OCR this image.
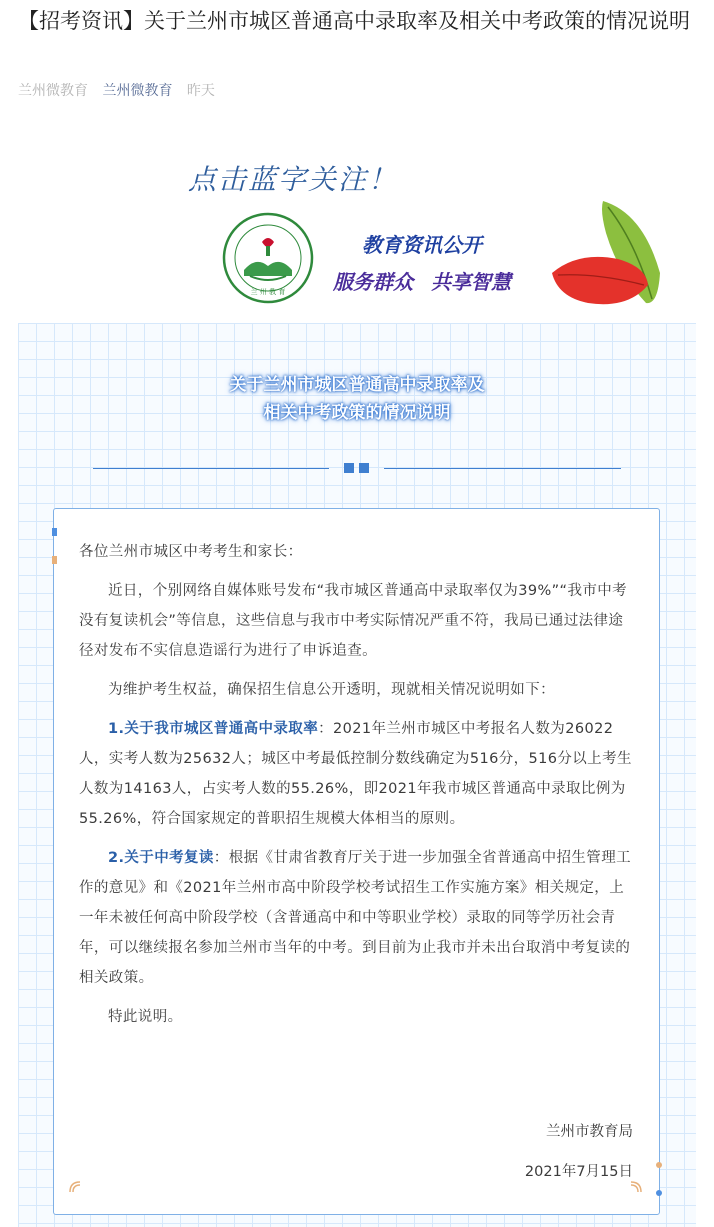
【招考资讯】关于兰州市城区普通高中录取率及相关中考政策的情况说明
兰州微教育 兰州微教育 昨天
点击蓝字关注！
兰 州 教 育
教育资讯公开
服务群众 共享智慧
关于兰州市城区普通高中录取率及
相关中考政策的情况说明

各位兰州市城区中考考生和家长：

近日，个别网络自媒体账号发布“我市城区普通高中录取率仅为39%”“我市中考没有复读机会”等信息，这些信息与我市中考实际情况严重不符，我局已通过法律途径对发布不实信息造谣行为进行了申诉追查。

为维护考生权益，确保招生信息公开透明，现就相关情况说明如下：

1.关于我市城区普通高中录取率：2021年兰州市城区中考报名人数为26022人，实考人数为25632人；城区中考最低控制分数线确定为516分，516分以上考生人数为14163人，占实考人数的55.26%，即2021年我市城区普通高中录取比例为55.26%，符合国家规定的普职招生规模大体相当的原则。

2.关于中考复读：根据《甘肃省教育厅关于进一步加强全省普通高中招生管理工作的意见》和《2021年兰州市高中阶段学校考试招生工作实施方案》相关规定，上一年未被任何高中阶段学校（含普通高中和中等职业学校）录取的同等学历社会青年，可以继续报名参加兰州市当年的中考。到目前为止我市并未出台取消中考复读的相关政策。

特此说明。

兰州市教育局
2021年7月15日
